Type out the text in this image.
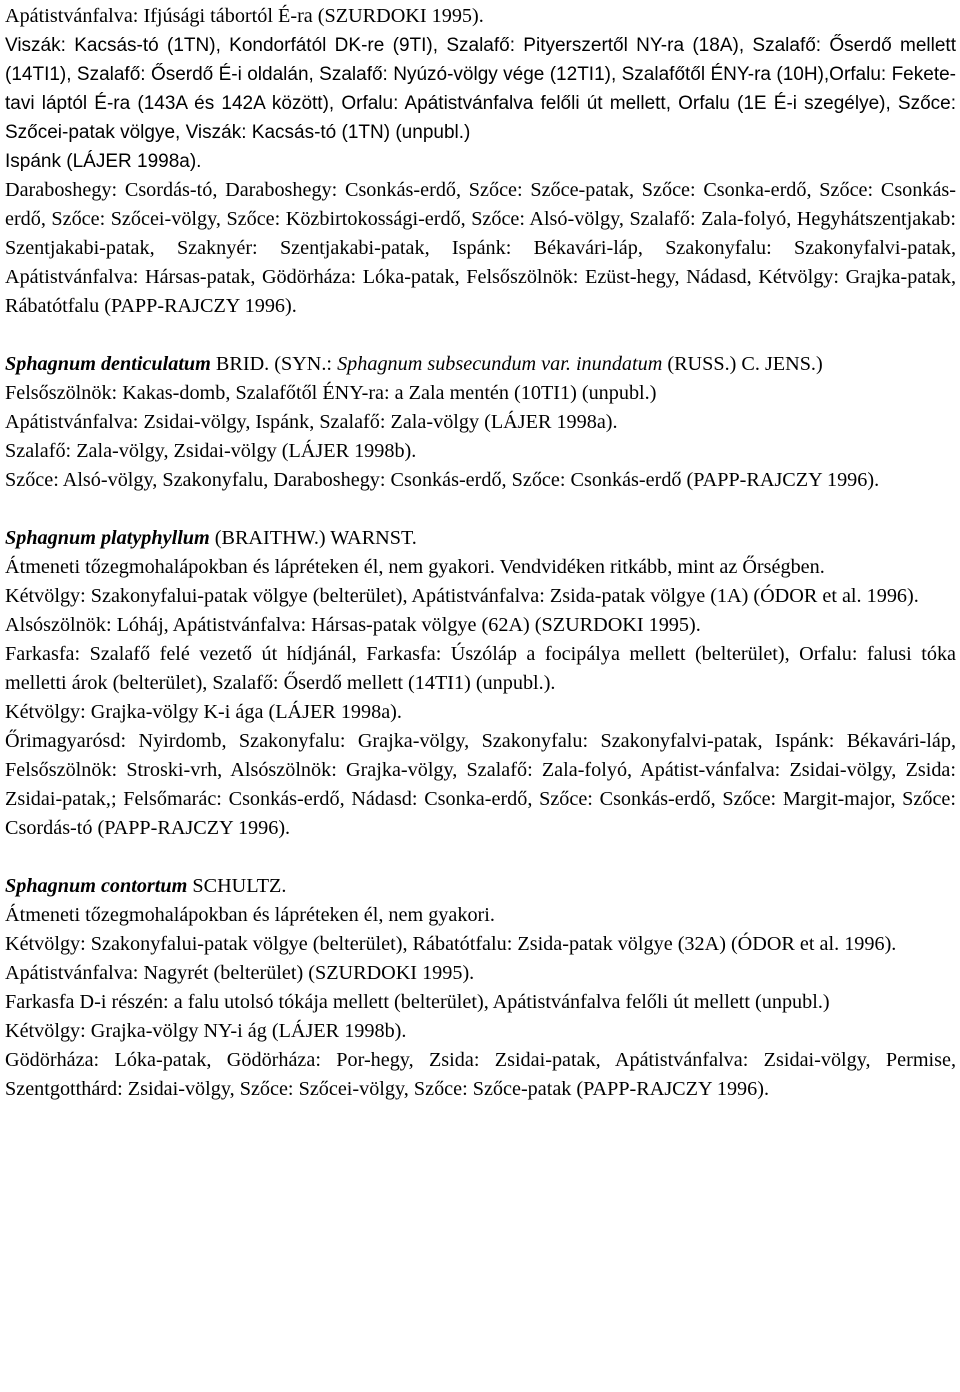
Apátistvánfalva: Ifjúsági tábortól É-ra (SZURDOKI 1995).

Viszák: Kacsás-tó (1TN), Kondorfától DK-re (9TI), Szalafő: Pityerszertől NY-ra (18A), Szalafő: Őserdő mellett (14TI1), Szalafő: Őserdő É-i oldalán, Szalafő: Nyúzó-völgy vége (12TI1), Szalafőtől ÉNY-ra (10H),Orfalu: Fekete-tavi láptól É-ra (143A és 142A között), Orfalu: Apátistvánfalva felőli út mellett, Orfalu (1E É-i szegélye), Szőce: Szőcei-patak völgye, Viszák: Kacsás-tó (1TN) (unpubl.)

Ispánk (LÁJER 1998a).

Daraboshegy: Csordás-tó, Daraboshegy: Csonkás-erdő, Szőce: Szőce-patak, Szőce: Csonka-erdő, Szőce: Csonkás-erdő, Szőce: Szőcei-völgy, Szőce: Közbirtokossági-erdő, Szőce: Alsó-völgy, Szalafő: Zala-folyó, Hegyhátszentjakab: Szentjakabi-patak, Szaknyér: Szentjakabi-patak, Ispánk: Békavári-láp, Szakonyfalu: Szakonyfalvi-patak, Apátistvánfalva: Hársas-patak, Gödörháza: Lóka-patak, Felsőszölnök: Ezüst-hegy, Nádasd, Kétvölgy: Grajka-patak, Rábatótfalu (PAPP-RAJCZY 1996).

Sphagnum denticulatum BRID. (SYN.: Sphagnum subsecundum var. inundatum (RUSS.) C. JENS.)

Felsőszölnök: Kakas-domb, Szalafőtől ÉNY-ra: a Zala mentén (10TI1) (unpubl.)

Apátistvánfalva: Zsidai-völgy, Ispánk, Szalafő: Zala-völgy (LÁJER 1998a).

Szalafő: Zala-völgy, Zsidai-völgy (LÁJER 1998b).

Szőce: Alsó-völgy, Szakonyfalu, Daraboshegy: Csonkás-erdő, Szőce: Csonkás-erdő (PAPP-RAJCZY 1996).

Sphagnum platyphyllum (BRAITHW.) WARNST.

Átmeneti tőzegmohalápokban és lápréteken él, nem gyakori. Vendvidéken ritkább, mint az Őrségben.

Kétvölgy: Szakonyfalui-patak völgye (belterület), Apátistvánfalva: Zsida-patak völgye (1A) (ÓDOR et al. 1996).

Alsószölnök: Lóháj, Apátistvánfalva: Hársas-patak völgye (62A) (SZURDOKI 1995).

Farkasfa: Szalafő felé vezető út hídjánál, Farkasfa: Úszóláp a focipálya mellett (belterület), Orfalu: falusi tóka melletti árok (belterület), Szalafő: Őserdő mellett (14TI1) (unpubl.).

Kétvölgy: Grajka-völgy K-i ága (LÁJER 1998a).

Őrimagyarósd: Nyirdomb, Szakonyfalu: Grajka-völgy, Szakonyfalu: Szakonyfalvi-patak, Ispánk: Békavári-láp, Felsőszölnök: Stroski-vrh, Alsószölnök: Grajka-völgy, Szalafő: Zala-folyó, Apátist-vánfalva: Zsidai-völgy, Zsida: Zsidai-patak,; Felsőmarác: Csonkás-erdő, Nádasd: Csonka-erdő, Szőce: Csonkás-erdő, Szőce: Margit-major, Szőce: Csordás-tó (PAPP-RAJCZY 1996).

Sphagnum contortum SCHULTZ.

Átmeneti tőzegmohalápokban és lápréteken él, nem gyakori.

Kétvölgy: Szakonyfalui-patak völgye (belterület), Rábatótfalu: Zsida-patak völgye (32A) (ÓDOR et al. 1996).

Apátistvánfalva: Nagyrét (belterület) (SZURDOKI 1995).

Farkasfa D-i részén: a falu utolsó tókája mellett (belterület), Apátistvánfalva felőli út mellett (unpubl.)

Kétvölgy: Grajka-völgy NY-i ág (LÁJER 1998b).

Gödörháza: Lóka-patak, Gödörháza: Por-hegy, Zsida: Zsidai-patak, Apátistvánfalva: Zsidai-völgy, Permise, Szentgotthárd: Zsidai-völgy, Szőce: Szőcei-völgy, Szőce: Szőce-patak (PAPP-RAJCZY 1996).
